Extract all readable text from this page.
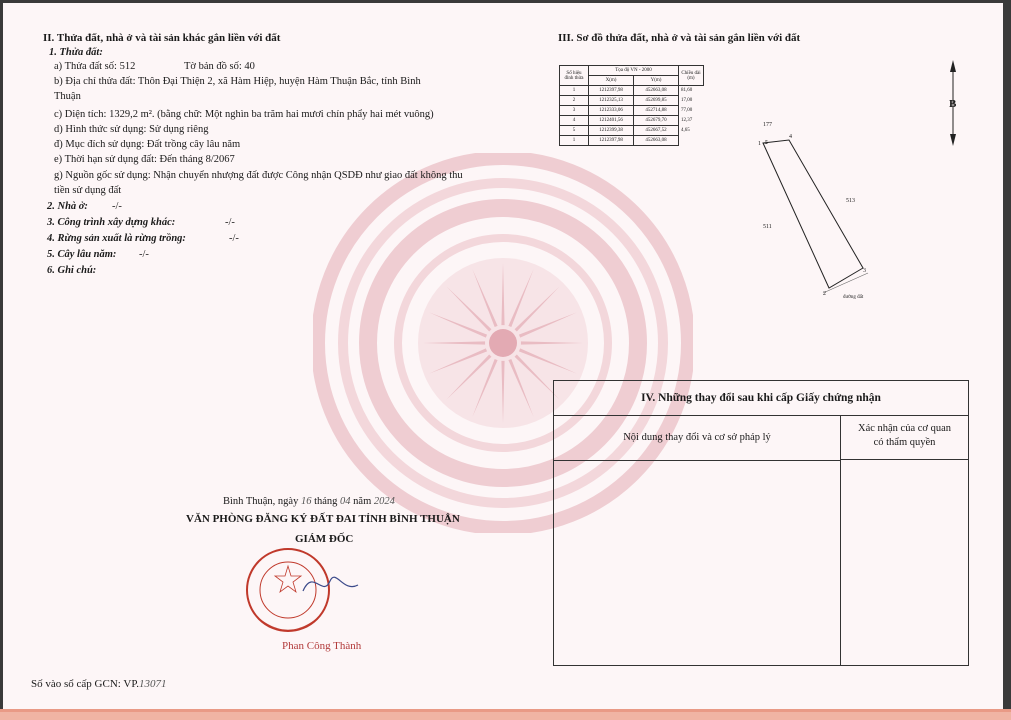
II. Thửa đất, nhà ở và tài sản khác gắn liền với đất
1. Thửa đất:
a) Thửa đất số: 512	Tờ bản đồ số: 40
b) Địa chỉ thửa đất: Thôn Đại Thiện 2, xã Hàm Hiệp, huyện Hàm Thuận Bắc, tỉnh Bình
Thuận
c) Diện tích: 1329,2 m². (bằng chữ: Một nghìn ba trăm hai mươi chín phẩy hai mét vuông)
d) Hình thức sử dụng: Sử dụng riêng
đ) Mục đích sử dụng: Đất trồng cây lâu năm
e) Thời hạn sử dụng đất: Đến tháng 8/2067
g) Nguồn gốc sử dụng: Nhận chuyển nhượng đất được Công nhận QSDĐ như giao đất không thu
tiền sử dụng đất
2. Nhà ở: -/-
3. Công trình xây dựng khác:	-/-
4. Rừng sản xuất là rừng trồng:	-/-
5. Cây lâu năm: -/-
6. Ghi chú:
III. Sơ đồ thửa đất, nhà ở và tài sản gắn liền với đất
Số hiệu đỉnh thửa	Tọa độ VN - 2000		Chiều dài (m)
	X(m)	Y(m)	
1	1212397,98	452663,08	81,60
2	1212325,13	452699,85	17,00
3	1212333,06	452714,88	77,00
4	1212401,56	452679,70	12,37
5	1212399,38	452667,52	4,65
1	1212397,98	452663,08	
B
177
513
511
1 5
4
3
2
đường đất
Bình Thuận, ngày 16 tháng 04 năm 2024
VĂN PHÒNG ĐĂNG KÝ ĐẤT ĐAI TỈNH BÌNH THUẬN
GIÁM ĐỐC
Phan Công Thành
IV. Những thay đổi sau khi cấp Giấy chứng nhận
Nội dung thay đổi và cơ sở pháp lý
Xác nhận của cơ quan
có thẩm quyền
Số vào sổ cấp GCN: VP.13071
